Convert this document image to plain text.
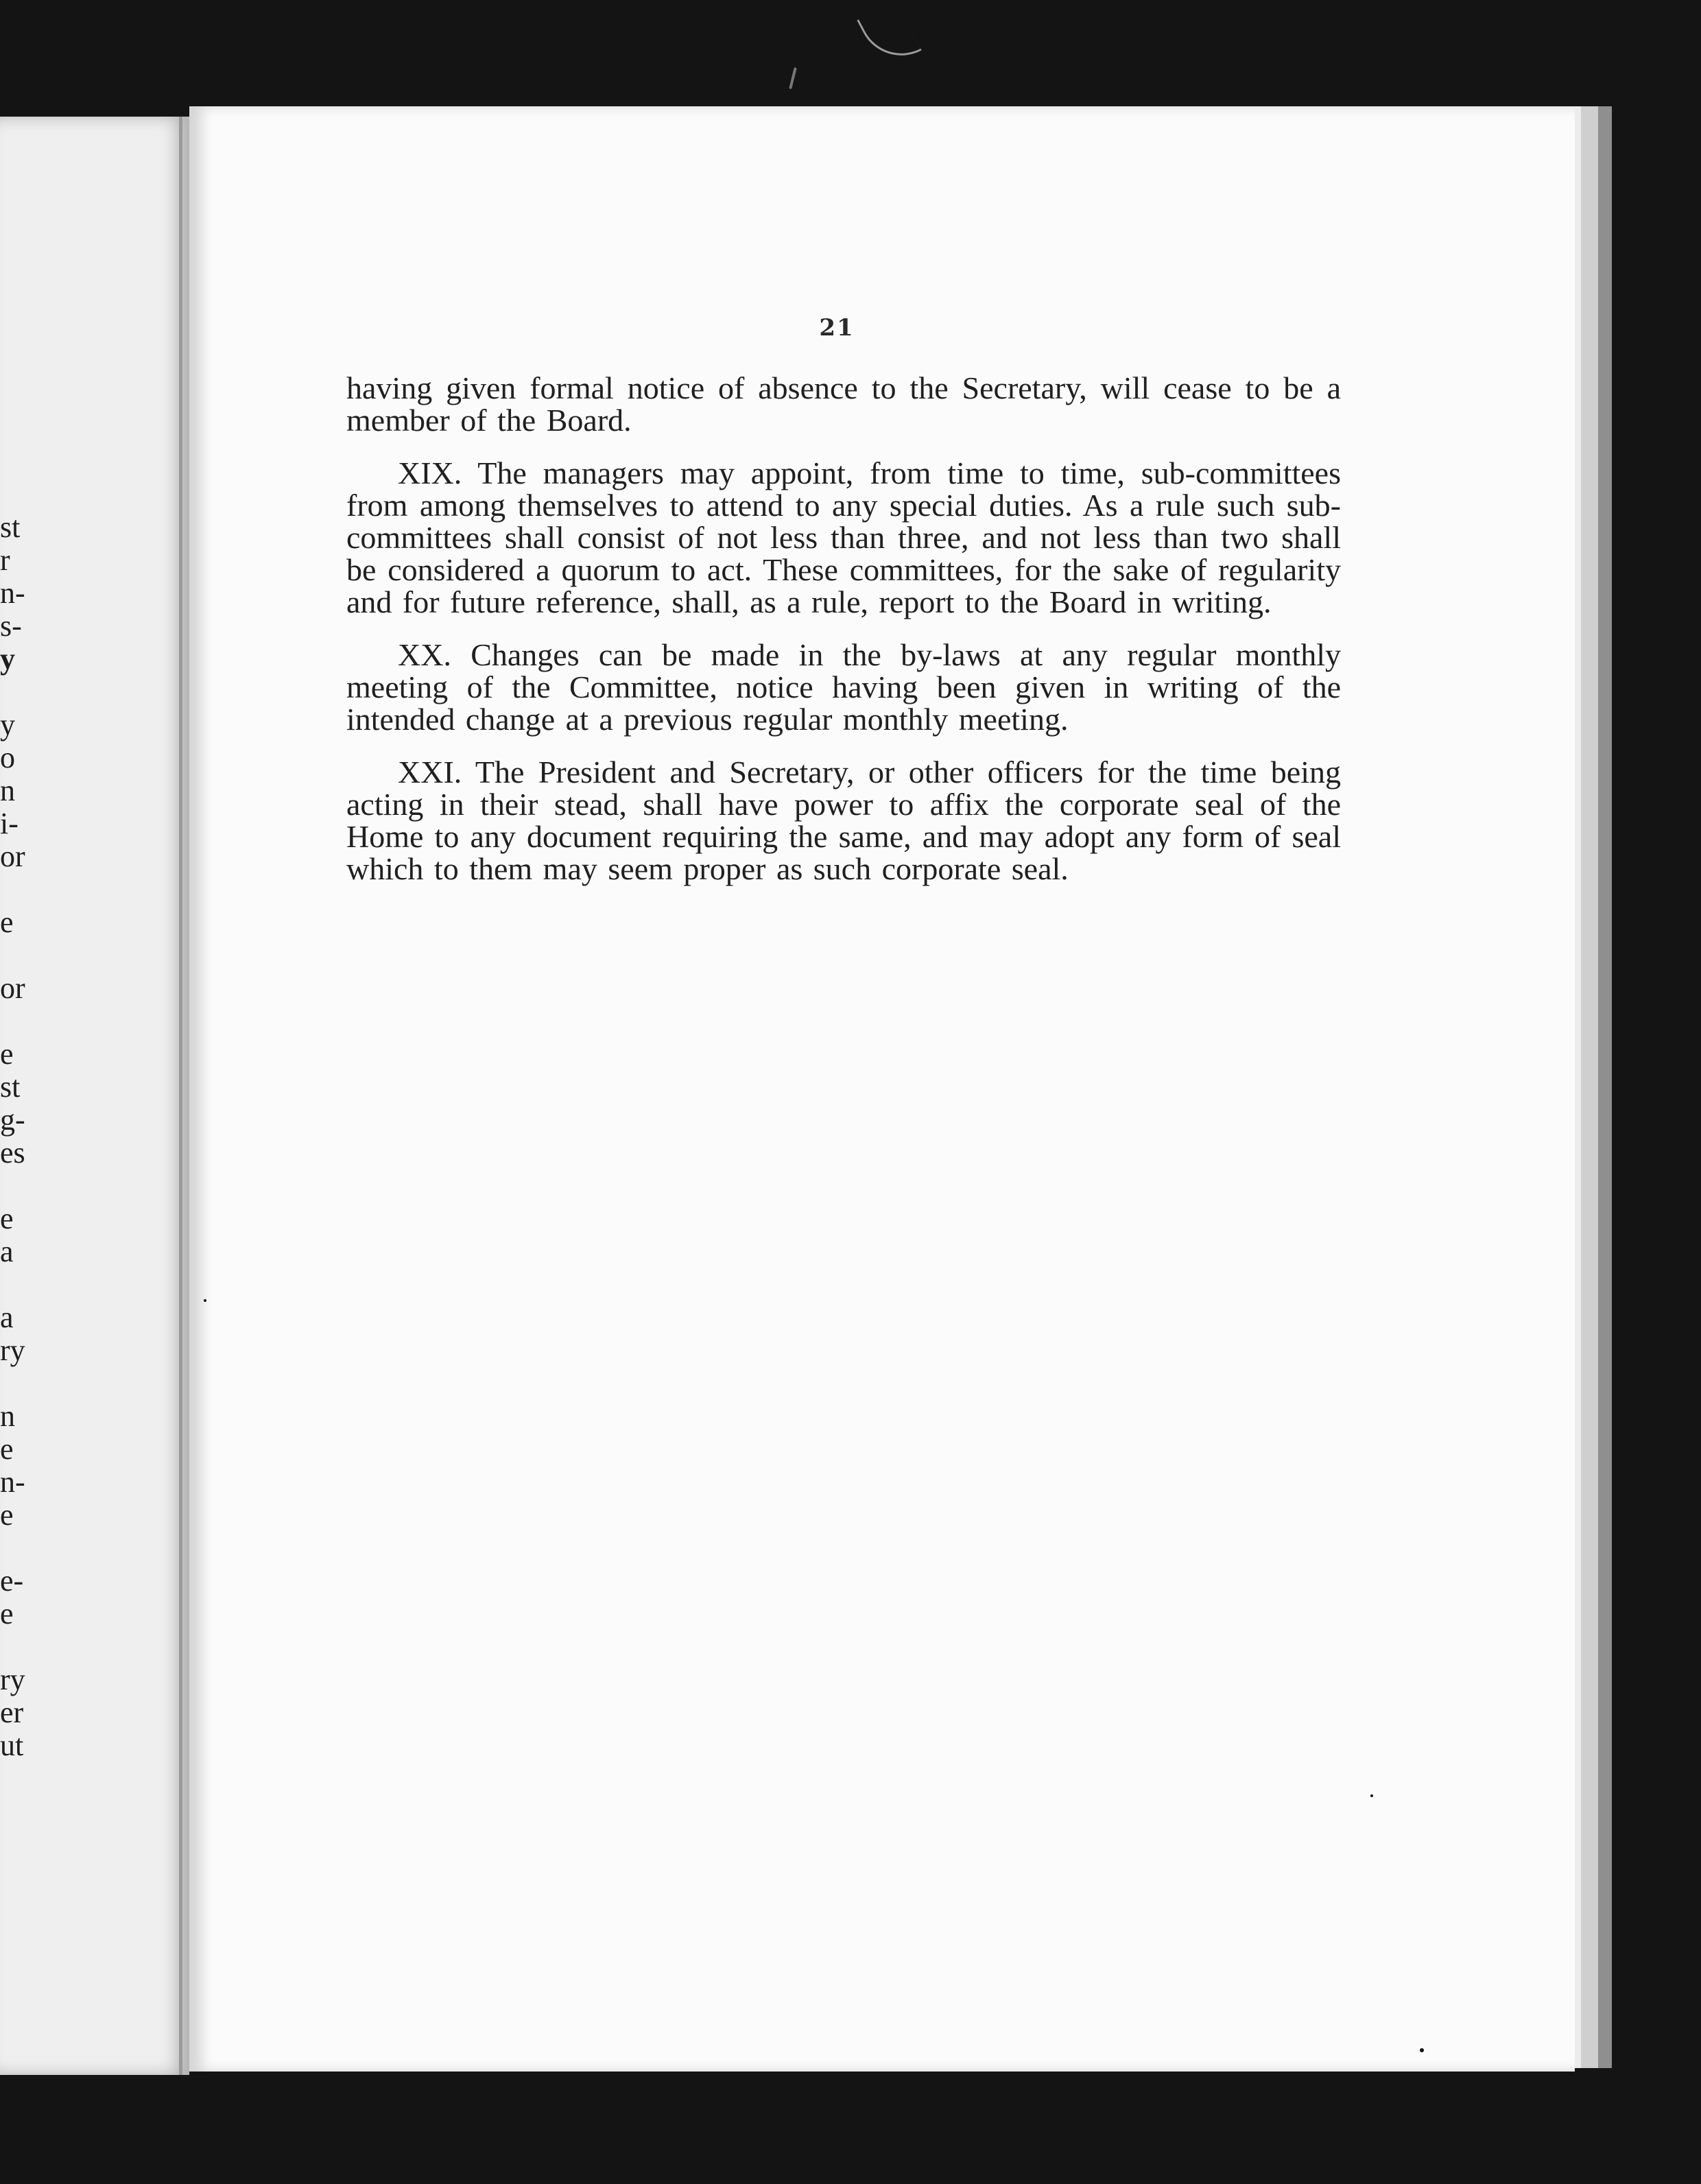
st
r
n-
s-
y
y
o
n
i-
or
e
or
e
st
g-
es
e
a
a
ry
n
e
n-
e
e-
e
ry
er
ut
21

having given formal notice of absence to the Secretary, will cease to be a member of the Board.

XIX. The managers may appoint, from time to time, sub-committees from among themselves to attend to any special duties. As a rule such sub-committees shall consist of not less than three, and not less than two shall be considered a quorum to act. These committees, for the sake of regularity and for future reference, shall, as a rule, report to the Board in writing.

XX. Changes can be made in the by-laws at any regular monthly meeting of the Committee, notice having been given in writing of the intended change at a previous regular monthly meeting.

XXI. The President and Secretary, or other officers for the time being acting in their stead, shall have power to affix the corporate seal of the Home to any document requiring the same, and may adopt any form of seal which to them may seem proper as such corporate seal.
